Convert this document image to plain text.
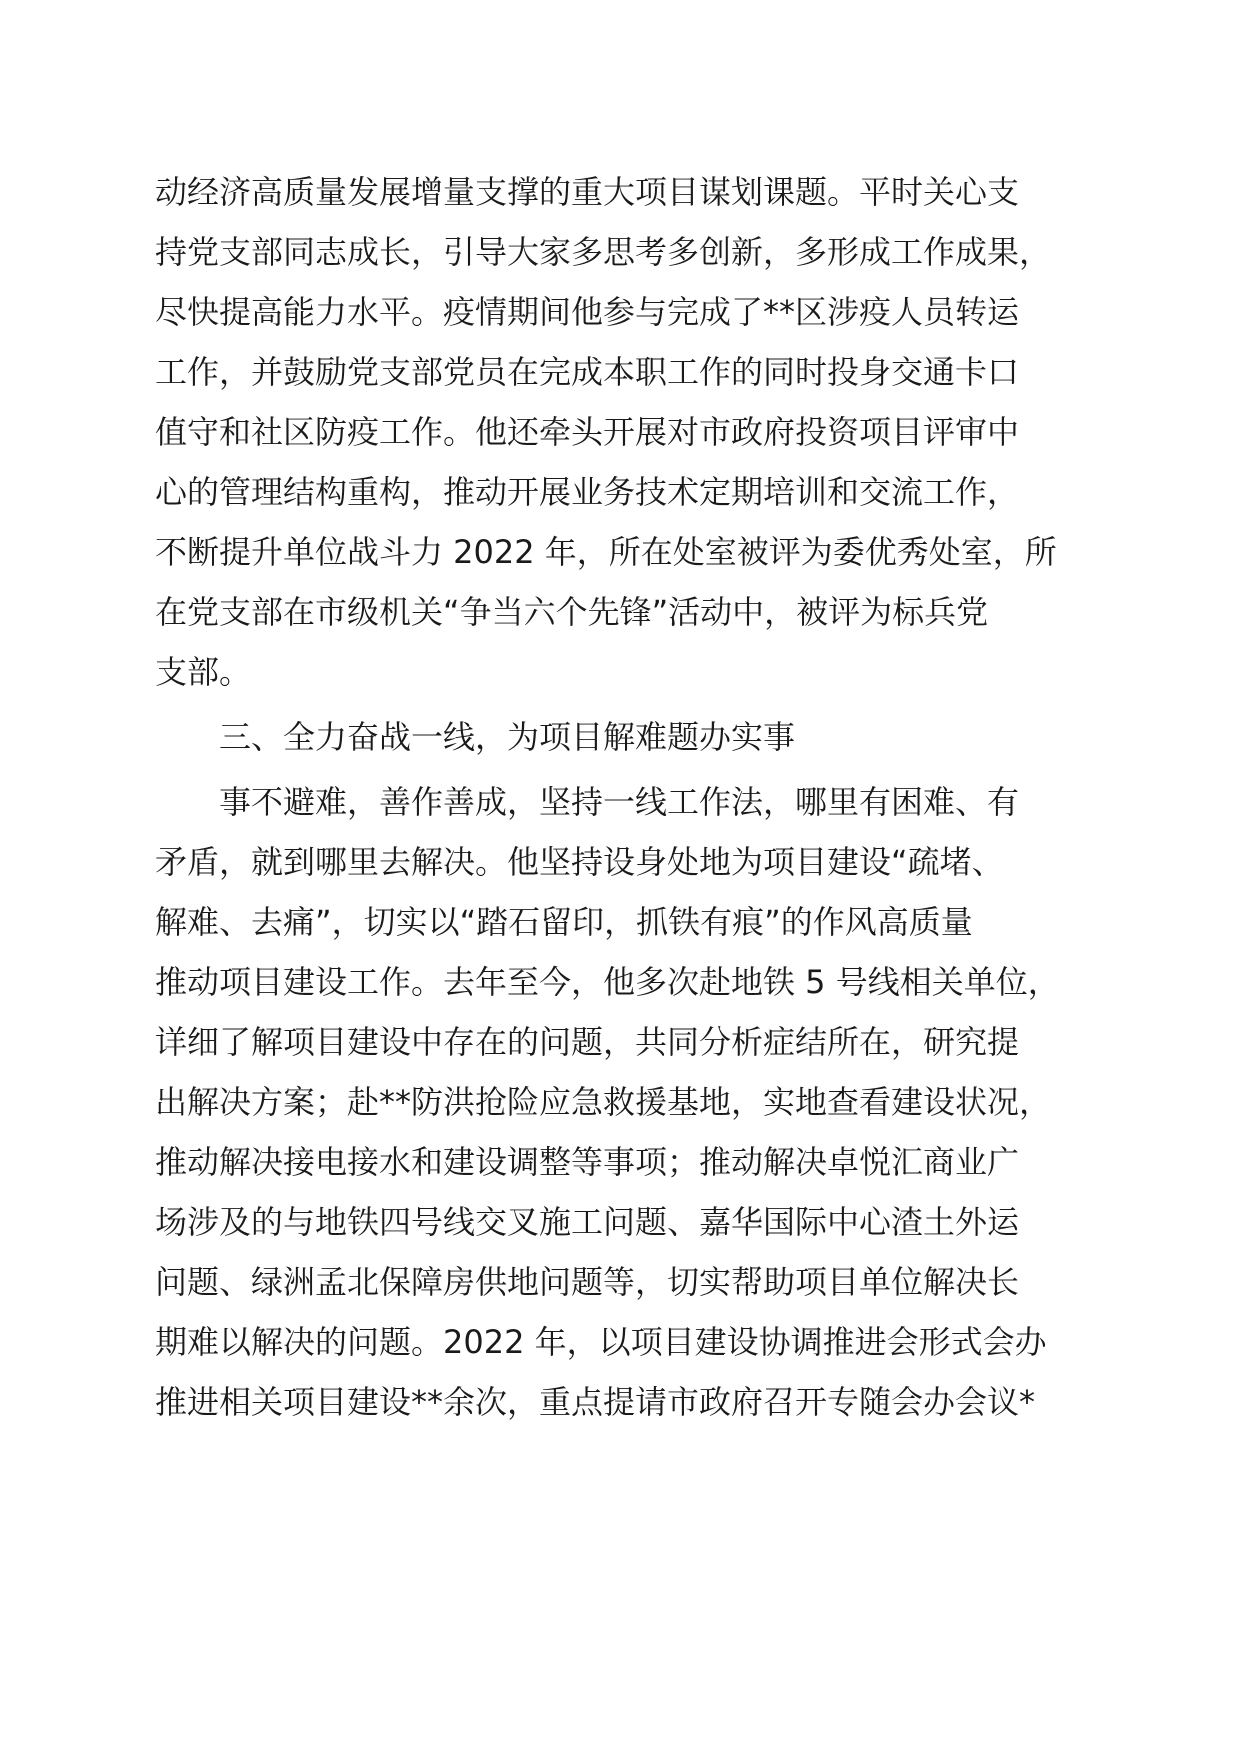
动经济高质量发展增量支撑的重大项目谋划课题。平时关心支
持党支部同志成长，引导大家多思考多创新，多形成工作成果，
尽快提高能力水平。疫情期间他参与完成了**区涉疫人员转运
工作，并鼓励党支部党员在完成本职工作的同时投身交通卡口
值守和社区防疫工作。他还牵头开展对市政府投资项目评审中
心的管理结构重构，推动开展业务技术定期培训和交流工作，
不断提升单位战斗力 2022 年，所在处室被评为委优秀处室，所
在党支部在市级机关“争当六个先锋”活动中，被评为标兵党
支部。
三、全力奋战一线，为项目解难题办实事
事不避难，善作善成，坚持一线工作法，哪里有困难、有
矛盾，就到哪里去解决。他坚持设身处地为项目建设“疏堵、
解难、去痛”，切实以“踏石留印，抓铁有痕”的作风高质量
推动项目建设工作。去年至今，他多次赴地铁 5 号线相关单位，
详细了解项目建设中存在的问题，共同分析症结所在，研究提
出解决方案；赴**防洪抢险应急救援基地，实地查看建设状况，
推动解决接电接水和建设调整等事项；推动解决卓悦汇商业广
场涉及的与地铁四号线交叉施工问题、嘉华国际中心渣土外运
问题、绿洲孟北保障房供地问题等，切实帮助项目单位解决长
期难以解决的问题。2022 年，以项目建设协调推进会形式会办
推进相关项目建设**余次，重点提请市政府召开专随会办会议*
